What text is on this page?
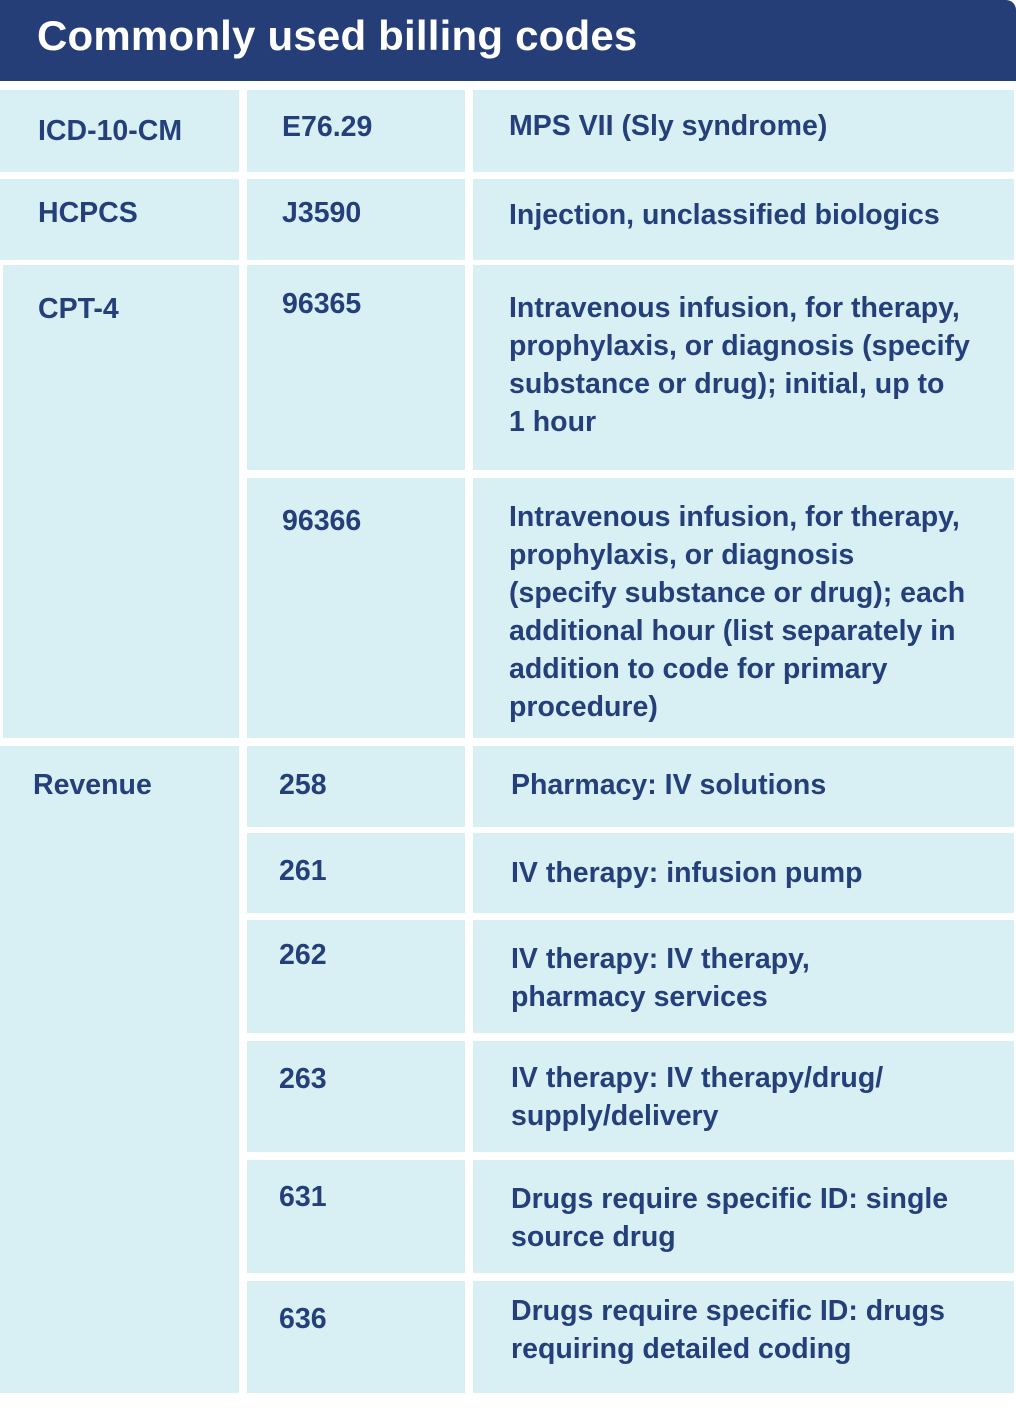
Commonly used billing codes
ICD-10-CM
HCPCS
CPT-4
Revenue
E76.29
J3590
96365
96366
258
261
262
263
631
636
MPS VII (Sly syndrome)
Injection, unclassified biologics
Intravenous infusion, for therapy,
prophylaxis, or diagnosis (specify
substance or drug); initial, up to
1 hour
Intravenous infusion, for therapy,
prophylaxis, or diagnosis
(specify substance or drug); each
additional hour (list separately in
addition to code for primary
procedure)
Pharmacy: IV solutions
IV therapy: infusion pump
IV therapy: IV therapy,
pharmacy services
IV therapy: IV therapy/drug/
supply/delivery
Drugs require specific ID: single
source drug
Drugs require specific ID: drugs
requiring detailed coding
